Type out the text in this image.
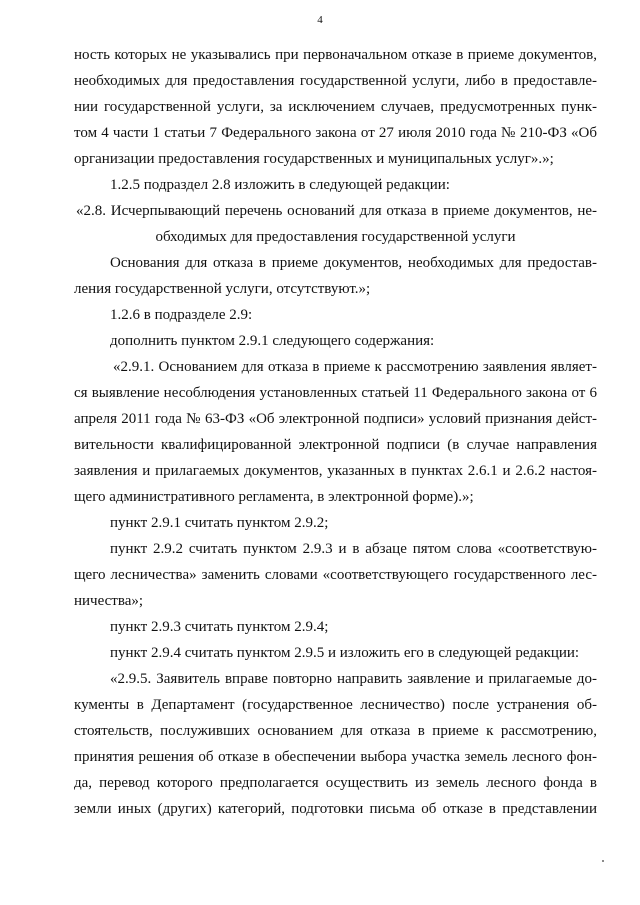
4
ность которых не указывались при первоначальном отказе в приеме документов,
необходимых для предоставления государственной услуги, либо в предоставле-
нии государственной услуги, за исключением случаев, предусмотренных пунк-
том 4 части 1 статьи 7 Федерального закона от 27 июля 2010 года № 210-ФЗ «Об
организации предоставления государственных и муниципальных услуг».»;
1.2.5 подраздел 2.8 изложить в следующей редакции:
«2.8. Исчерпывающий перечень оснований для отказа в приеме документов, не-
обходимых для предоставления государственной услуги
Основания для отказа в приеме документов, необходимых для предостав-
ления государственной услуги, отсутствуют.»;
1.2.6 в подразделе 2.9:
дополнить пунктом 2.9.1 следующего содержания:
«2.9.1. Основанием для отказа в приеме к рассмотрению заявления являет-
ся выявление несоблюдения установленных статьей 11 Федерального закона от 6
апреля 2011 года № 63-ФЗ «Об электронной подписи» условий признания дейст-
вительности квалифицированной электронной подписи (в случае направления
заявления и прилагаемых документов, указанных в пунктах 2.6.1 и 2.6.2 настоя-
щего административного регламента, в электронной форме).»;
пункт 2.9.1 считать пунктом 2.9.2;
пункт 2.9.2 считать пунктом 2.9.3 и в абзаце пятом слова «соответствую-
щего лесничества» заменить словами «соответствующего государственного лес-
ничества»;
пункт 2.9.3 считать пунктом 2.9.4;
пункт 2.9.4 считать пунктом 2.9.5 и изложить его в следующей редакции:
«2.9.5. Заявитель вправе повторно направить заявление и прилагаемые до-
кументы в Департамент (государственное лесничество) после устранения об-
стоятельств, послуживших основанием для отказа в приеме к рассмотрению,
принятия решения об отказе в обеспечении выбора участка земель лесного фон-
да, перевод которого предполагается осуществить из земель лесного фонда в
земли иных (других) категорий, подготовки письма об отказе в представлении
